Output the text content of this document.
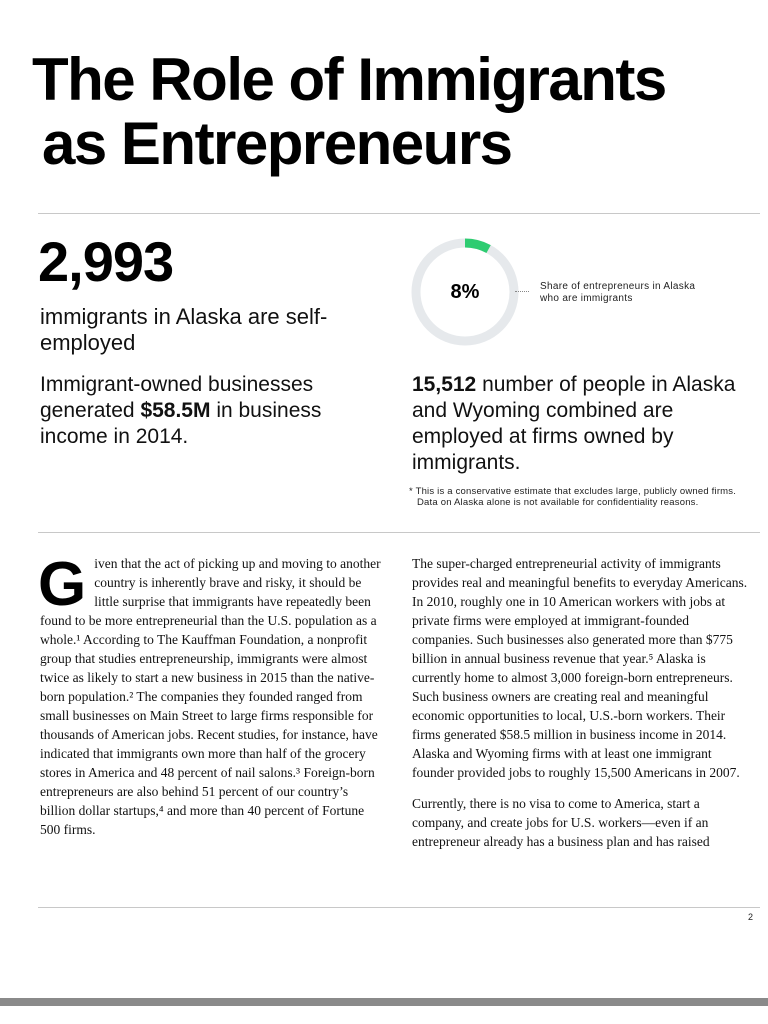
The Role of Immigrants
as Entrepreneurs
2,993
immigrants in Alaska are self-employed
Immigrant-owned businesses generated $58.5M in business income in 2014.
8%	Share of entrepreneurs in Alaska who are immigrants
15,512 number of people in Alaska and Wyoming combined are employed at firms owned by immigrants.
* This is a conservative estimate that excludes large, publicly owned firms. Data on Alaska alone is not available for confidentiality reasons.
G iven that the act of picking up and moving to another country is inherently brave and risky, it should be little surprise that immigrants have repeatedly been found to be more entrepreneurial than the U.S. population as a whole.¹ According to The Kauffman Foundation, a nonprofit group that studies entrepreneurship, immigrants were almost twice as likely to start a new business in 2015 than the native-born population.² The companies they founded ranged from small businesses on Main Street to large firms responsible for thousands of American jobs. Recent studies, for instance, have indicated that immigrants own more than half of the grocery stores in America and 48 percent of nail salons.³ Foreign-born entrepreneurs are also behind 51 percent of our country’s billion dollar startups,⁴ and more than 40 percent of Fortune 500 firms.

The super-charged entrepreneurial activity of immigrants provides real and meaningful benefits to everyday Americans. In 2010, roughly one in 10 American workers with jobs at private firms were employed at immigrant-founded companies. Such businesses also generated more than $775 billion in annual business revenue that year.⁵ Alaska is currently home to almost 3,000 foreign-born entrepreneurs. Such business owners are creating real and meaningful economic opportunities to local, U.S.-born workers. Their firms generated $58.5 million in business income in 2014. Alaska and Wyoming firms with at least one immigrant founder provided jobs to roughly 15,500 Americans in 2007.

Currently, there is no visa to come to America, start a company, and create jobs for U.S. workers—even if an entrepreneur already has a business plan and has raised

2
